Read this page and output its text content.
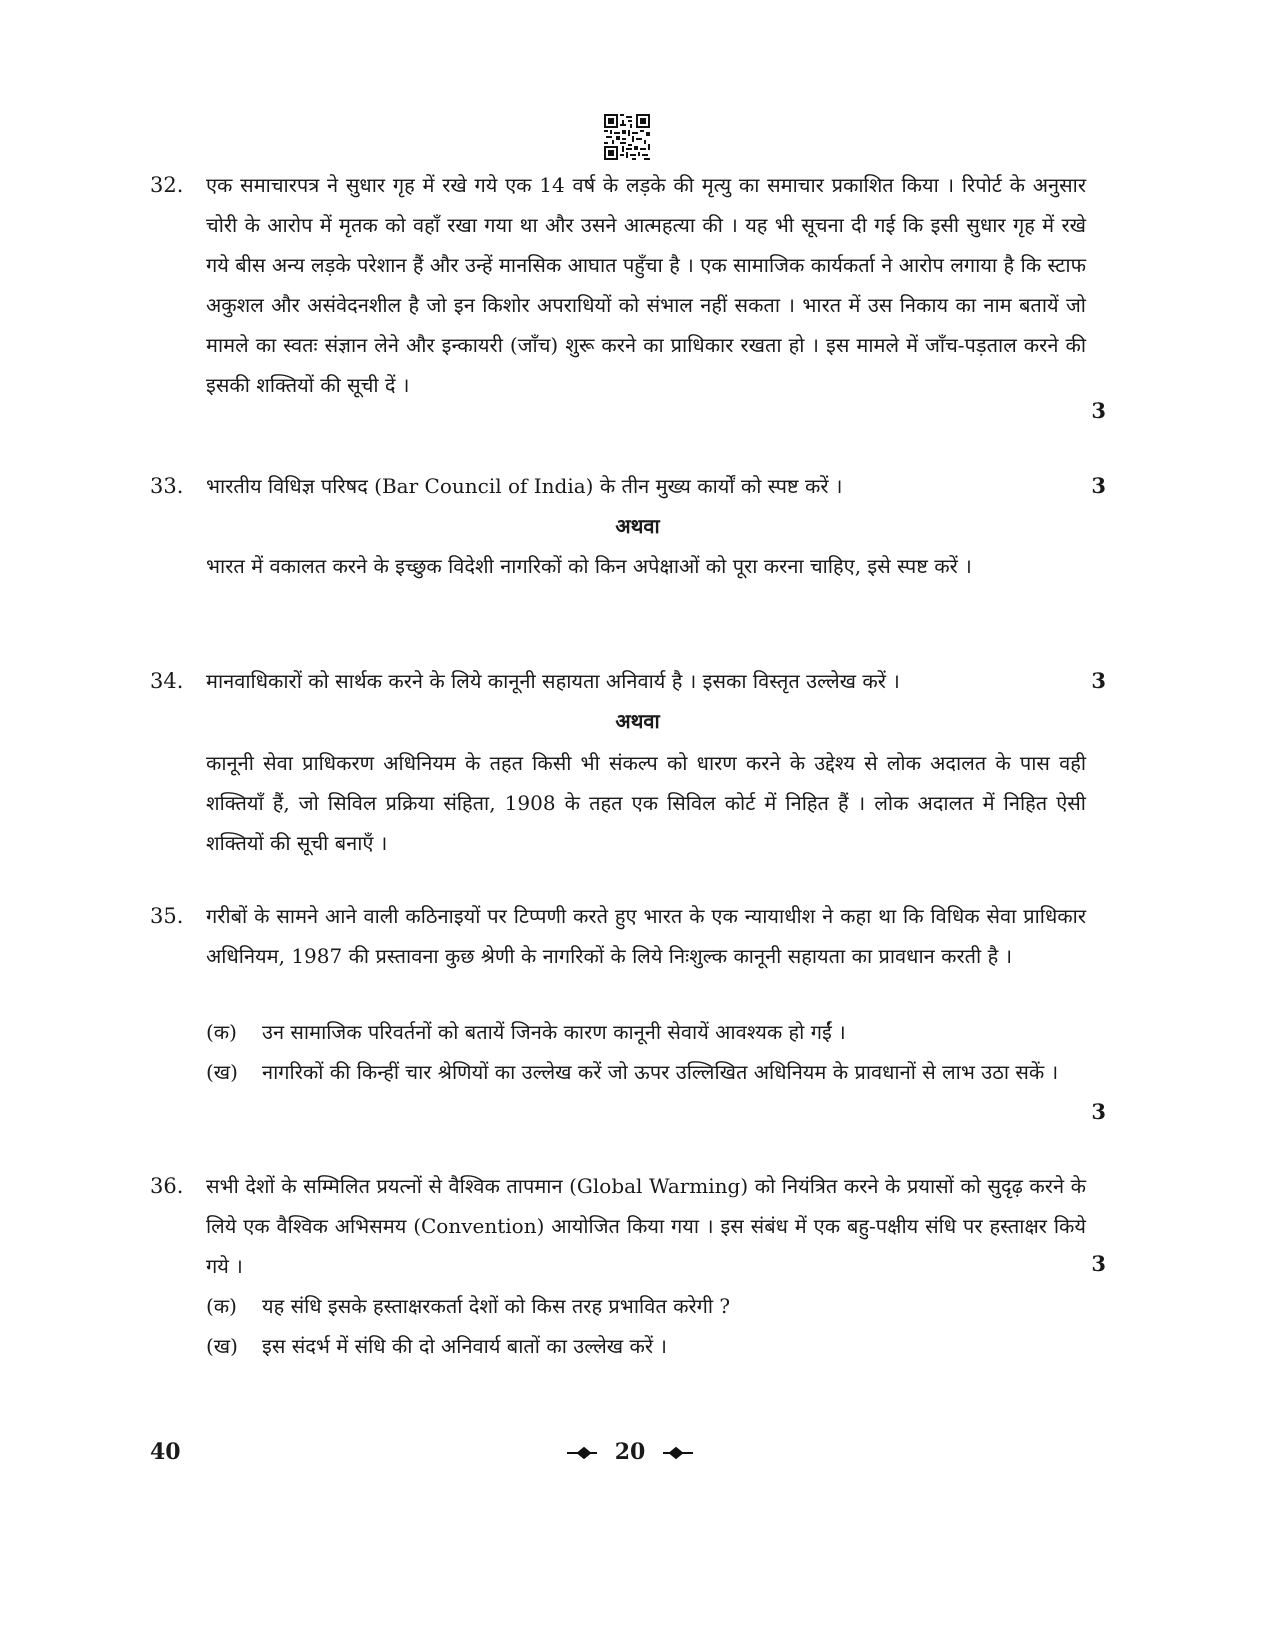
32. एक समाचारपत्र ने सुधार गृह में रखे गये एक 14 वर्ष के लड़के की मृत्यु का समाचार प्रकाशित किया । रिपोर्ट के अनुसार चोरी के आरोप में मृतक को वहाँ रखा गया था और उसने आत्महत्या की । यह भी सूचना दी गई कि इसी सुधार गृह में रखे गये बीस अन्य लड़के परेशान हैं और उन्हें मानसिक आघात पहुँचा है । एक सामाजिक कार्यकर्ता ने आरोप लगाया है कि स्टाफ अकुशल और असंवेदनशील है जो इन किशोर अपराधियों को संभाल नहीं सकता । भारत में उस निकाय का नाम बतायें जो मामले का स्वतः संज्ञान लेने और इन्कायरी (जाँच) शुरू करने का प्राधिकार रखता हो । इस मामले में जाँच-पड़ताल करने की इसकी शक्तियों की सूची दें ।
3
33. भारतीय विधिज्ञ परिषद (Bar Council of India) के तीन मुख्य कार्यों को स्पष्ट करें ।	3
अथवा
भारत में वकालत करने के इच्छुक विदेशी नागरिकों को किन अपेक्षाओं को पूरा करना चाहिए, इसे स्पष्ट करें ।
34. मानवाधिकारों को सार्थक करने के लिये कानूनी सहायता अनिवार्य है । इसका विस्तृत उल्लेख करें ।	3
अथवा
कानूनी सेवा प्राधिकरण अधिनियम के तहत किसी भी संकल्प को धारण करने के उद्देश्य से लोक अदालत के पास वही शक्तियाँ हैं, जो सिविल प्रक्रिया संहिता, 1908 के तहत एक सिविल कोर्ट में निहित हैं । लोक अदालत में निहित ऐसी शक्तियों की सूची बनाएँ ।
35. गरीबों के सामने आने वाली कठिनाइयों पर टिप्पणी करते हुए भारत के एक न्यायाधीश ने कहा था कि विधिक सेवा प्राधिकार अधिनियम, 1987 की प्रस्तावना कुछ श्रेणी के नागरिकों के लिये निःशुल्क कानूनी सहायता का प्रावधान करती है ।
(क)	उन सामाजिक परिवर्तनों को बतायें जिनके कारण कानूनी सेवायें आवश्यक हो गईं ।
(ख)	नागरिकों की किन्हीं चार श्रेणियों का उल्लेख करें जो ऊपर उल्लिखित अधिनियम के प्रावधानों से लाभ उठा सकें ।
3
36. सभी देशों के सम्मिलित प्रयत्नों से वैश्विक तापमान (Global Warming) को नियंत्रित करने के प्रयासों को सुदृढ़ करने के लिये एक वैश्विक अभिसमय (Convention) आयोजित किया गया । इस संबंध में एक बहु-पक्षीय संधि पर हस्ताक्षर किये गये ।	3
(क)	यह संधि इसके हस्ताक्षरकर्ता देशों को किस तरह प्रभावित करेगी ?
(ख)	इस संदर्भ में संधि की दो अनिवार्य बातों का उल्लेख करें ।
40	20
